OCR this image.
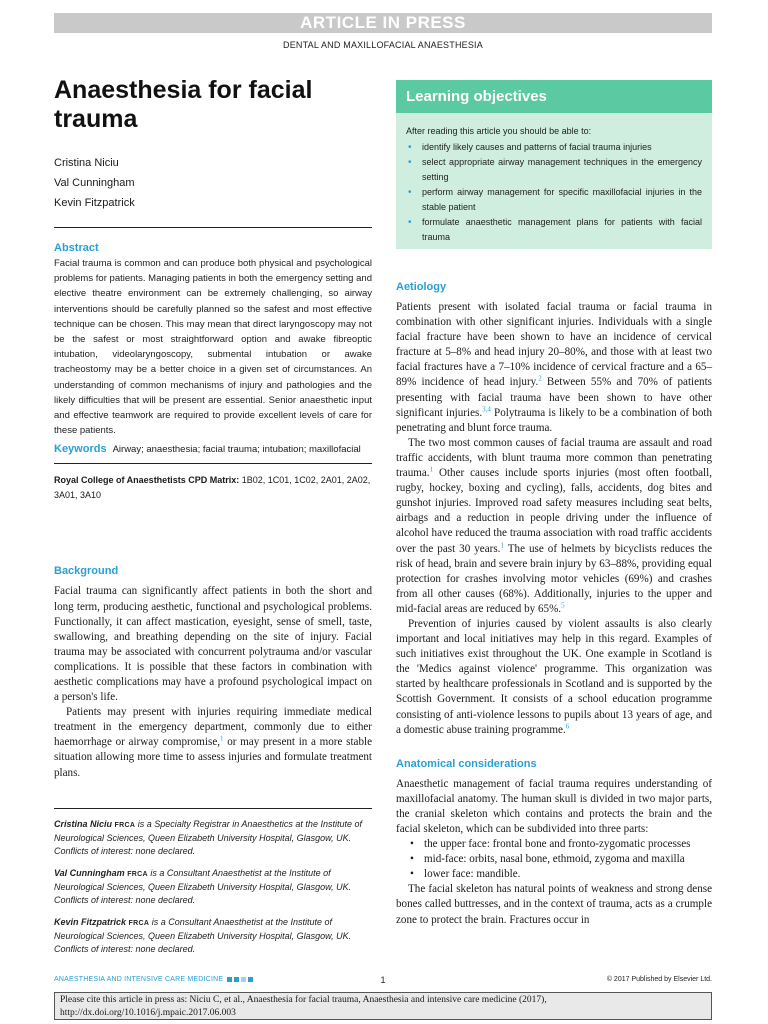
ARTICLE IN PRESS
DENTAL AND MAXILLOFACIAL ANAESTHESIA
Anaesthesia for facial trauma
Cristina Niciu
Val Cunningham
Kevin Fitzpatrick
Abstract

Facial trauma is common and can produce both physical and psychological problems for patients. Managing patients in both the emergency setting and elective theatre environment can be extremely challenging, so airway interventions should be carefully planned so the safest and most effective technique can be chosen. This may mean that direct laryngoscopy may not be the safest or most straightforward option and awake fibreoptic intubation, videolaryngoscopy, submental intubation or awake tracheostomy may be a better choice in a given set of circumstances. An understanding of common mechanisms of injury and pathologies and the likely difficulties that will be present are essential. Senior anaesthetic input and effective teamwork are required to provide excellent levels of care for these patients.

Keywords Airway; anaesthesia; facial trauma; intubation; maxillofacial

Royal College of Anaesthetists CPD Matrix: 1B02, 1C01, 1C02, 2A01, 2A02, 3A01, 3A10

Background

Facial trauma can significantly affect patients in both the short and long term, producing aesthetic, functional and psychological problems. Functionally, it can affect mastication, eyesight, sense of smell, taste, swallowing, and breathing depending on the site of injury. Facial trauma may be associated with concurrent polytrauma and/or vascular complications. It is possible that these factors in combination with aesthetic complications may have a profound psychological impact on a person's life.

Patients may present with injuries requiring immediate medical treatment in the emergency department, commonly due to either haemorrhage or airway compromise,$^1$ or may present in a more stable situation allowing more time to assess injuries and formulate treatment plans.

Cristina Niciu FRCA is a Specialty Registrar in Anaesthetics at the Institute of Neurological Sciences, Queen Elizabeth University Hospital, Glasgow, UK. Conflicts of interest: none declared.

Val Cunningham FRCA is a Consultant Anaesthetist at the Institute of Neurological Sciences, Queen Elizabeth University Hospital, Glasgow, UK. Conflicts of interest: none declared.

Kevin Fitzpatrick FRCA is a Consultant Anaesthetist at the Institute of Neurological Sciences, Queen Elizabeth University Hospital, Glasgow, UK. Conflicts of interest: none declared.

Learning objectives
After reading this article you should be able to:
• identify likely causes and patterns of facial trauma injuries
• select appropriate airway management techniques in the emergency setting
• perform airway management for specific maxillofacial injuries in the stable patient
• formulate anaesthetic management plans for patients with facial trauma
Aetiology

Patients present with isolated facial trauma or facial trauma in combination with other significant injuries. Individuals with a single facial fracture have been shown to have an incidence of cervical fracture at 5–8% and head injury 20–80%, and those with at least two facial fractures have a 7–10% incidence of cervical fracture and a 65–89% incidence of head injury.$^2$ Between 55% and 70% of patients presenting with facial trauma have been shown to have other significant injuries.$^{3,4}$ Polytrauma is likely to be a combination of both penetrating and blunt force trauma.

The two most common causes of facial trauma are assault and road traffic accidents, with blunt trauma more common than penetrating trauma.$^1$ Other causes include sports injuries (most often football, rugby, hockey, boxing and cycling), falls, accidents, dog bites and gunshot injuries. Improved road safety measures including seat belts, airbags and a reduction in people driving under the influence of alcohol have reduced the trauma association with road traffic accidents over the past 30 years.$^1$ The use of helmets by bicyclists reduces the risk of head, brain and severe brain injury by 63–88%, providing equal protection for crashes involving motor vehicles (69%) and crashes from all other causes (68%). Additionally, injuries to the upper and mid-facial areas are reduced by 65%.$^5$

Prevention of injuries caused by violent assaults is also clearly important and local initiatives may help in this regard. Examples of such initiatives exist throughout the UK. One example in Scotland is the 'Medics against violence' programme. This organization was started by healthcare professionals in Scotland and is supported by the Scottish Government. It consists of a school education programme consisting of anti-violence lessons to pupils about 13 years of age, and a domestic abuse training programme.$^6$

Anatomical considerations

Anaesthetic management of facial trauma requires understanding of maxillofacial anatomy. The human skull is divided in two major parts, the cranial skeleton which contains and protects the brain and the facial skeleton, which can be subdivided into three parts:

• the upper face: frontal bone and fronto-zygomatic processes
• mid-face: orbits, nasal bone, ethmoid, zygoma and maxilla
• lower face: mandible.

The facial skeleton has natural points of weakness and strong dense bones called buttresses, and in the context of trauma, acts as a crumple zone to protect the brain. Fractures occur in

ANAESTHESIA AND INTENSIVE CARE MEDICINE	1	© 2017 Published by Elsevier Ltd.
Please cite this article in press as: Niciu C, et al., Anaesthesia for facial trauma, Anaesthesia and intensive care medicine (2017), http://dx.doi.org/10.1016/j.mpaic.2017.06.003
